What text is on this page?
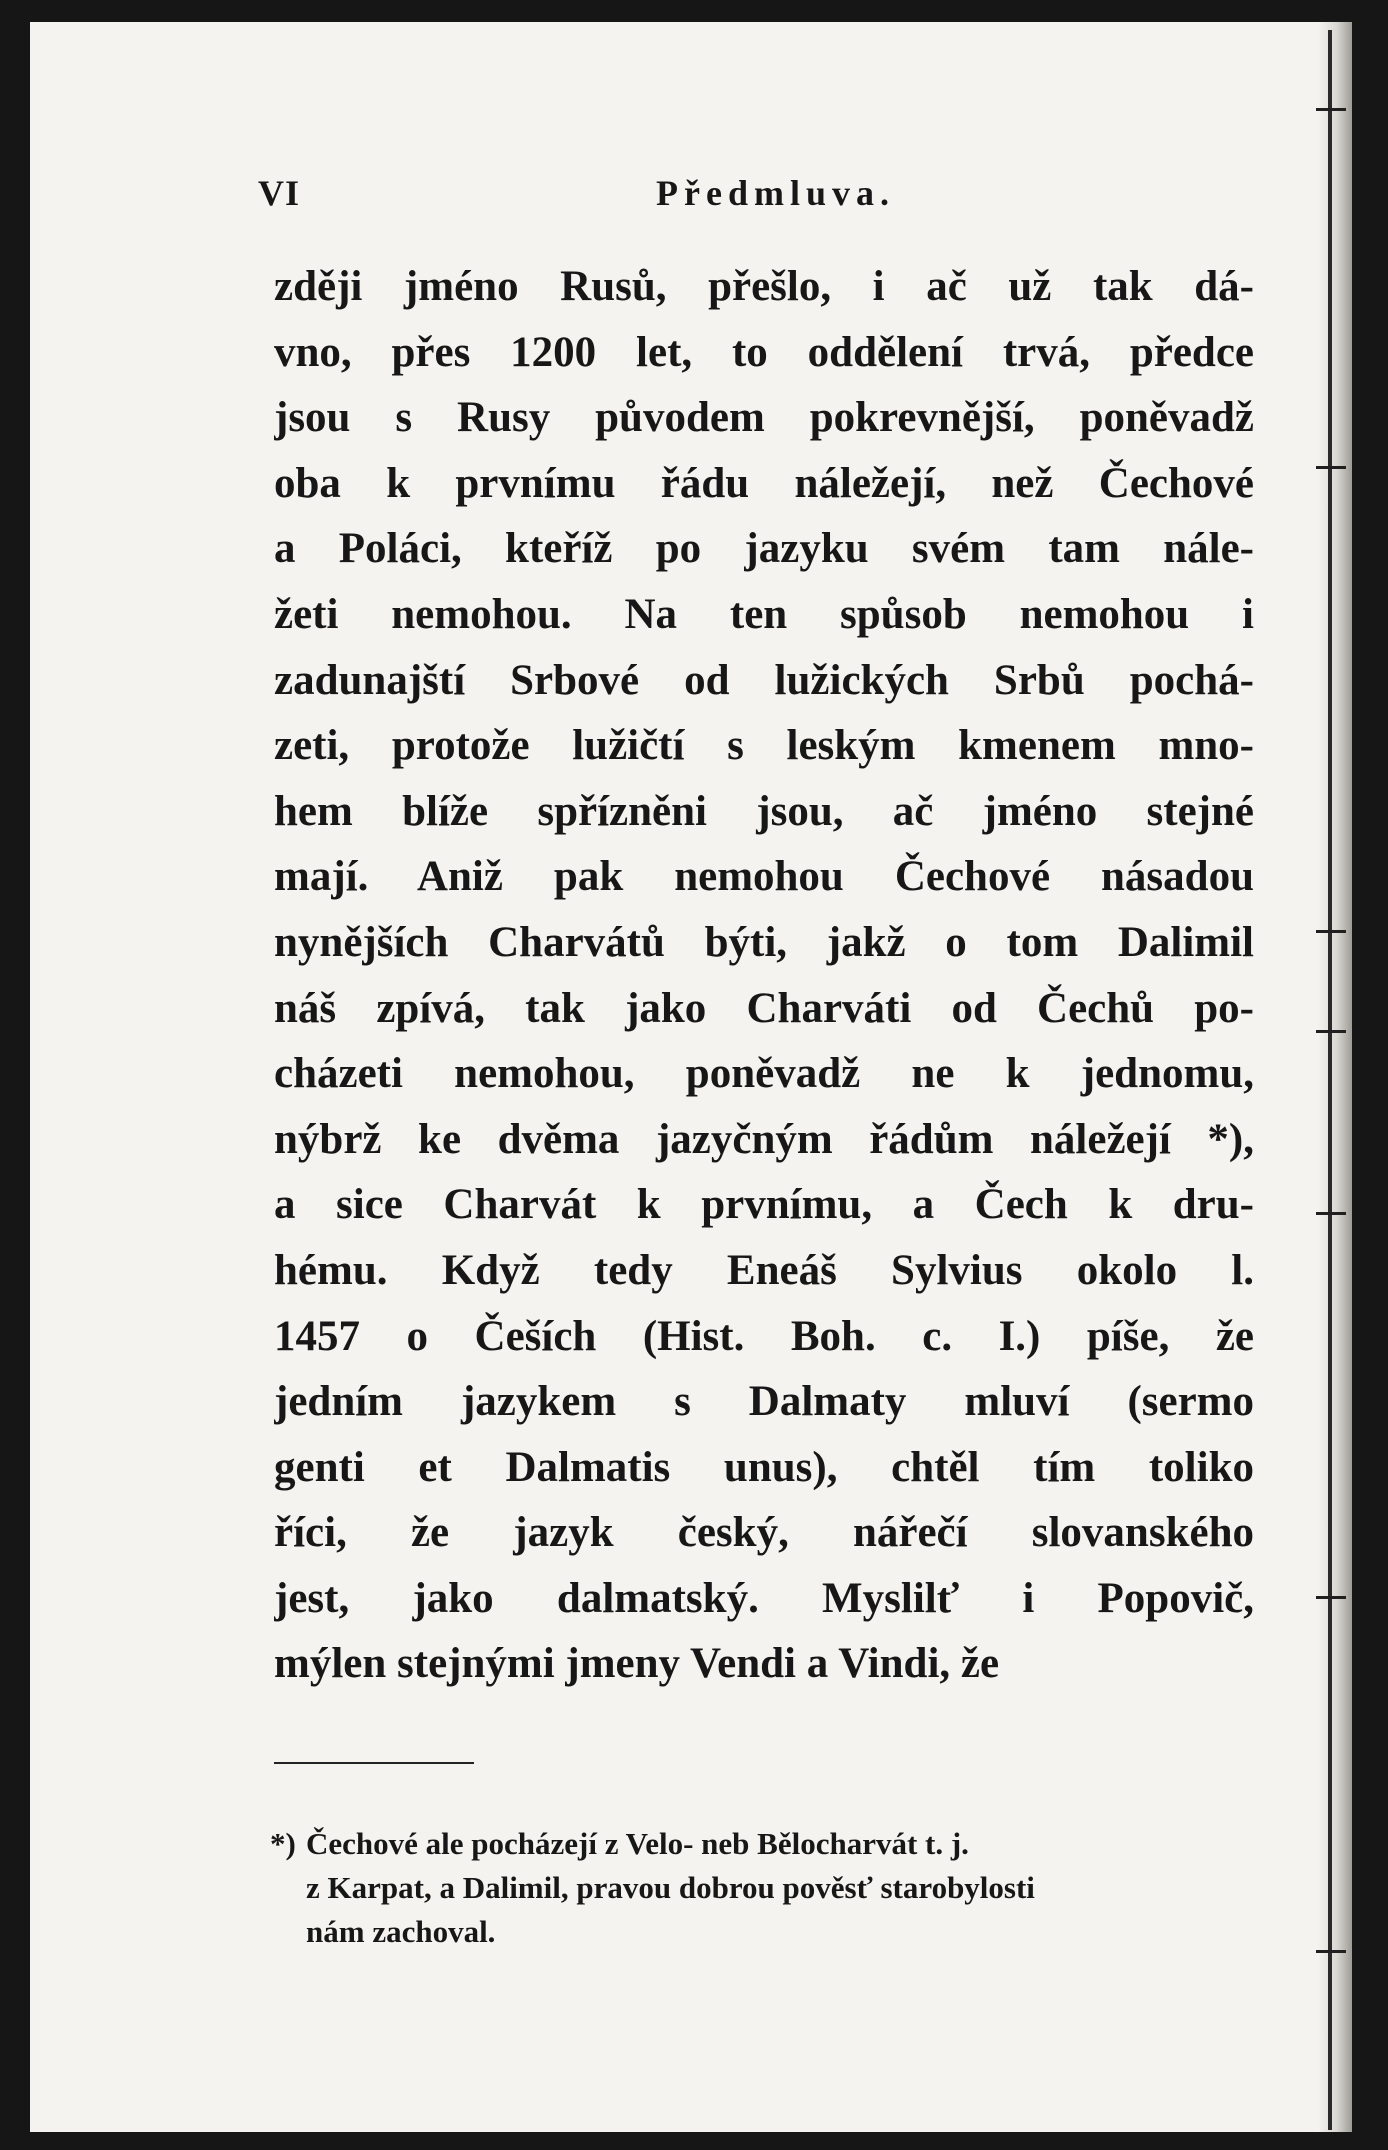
VI	Předmluva.
zději jméno Rusů, přešlo, i ač už tak dá-
vno, přes 1200 let, to oddělení trvá, předce
jsou s Rusy původem pokrevnější, poněvadž
oba k prvnímu řádu náležejí, než Čechové
a Poláci, kteříž po jazyku svém tam nále-
žeti nemohou. Na ten spůsob nemohou i
zadunajští Srbové od lužických Srbů pochá-
zeti, protože lužičtí s leským kmenem mno-
hem blíže spřízněni jsou, ač jméno stejné
mají. Aniž pak nemohou Čechové násadou
nynějších Charvátů býti, jakž o tom Dalimil
náš zpívá, tak jako Charváti od Čechů po-
cházeti nemohou, poněvadž ne k jednomu,
nýbrž ke dvěma jazyčným řádům náležejí *),
a sice Charvát k prvnímu, a Čech k dru-
hému. Když tedy Eneáš Sylvius okolo l.
1457 o Češích (Hist. Boh. c. I.) píše, že
jedním jazykem s Dalmaty mluví (sermo
genti et Dalmatis unus), chtěl tím toliko
říci, že jazyk český, nářečí slovanského
jest, jako dalmatský. Myslilť i Popovič,
mýlen stejnými jmeny Vendi a Vindi, že
*) Čechové ale pocházejí z Velo- neb Bělocharvát t. j.
z Karpat, a Dalimil, pravou dobrou pověsť starobylosti
nám zachoval.
